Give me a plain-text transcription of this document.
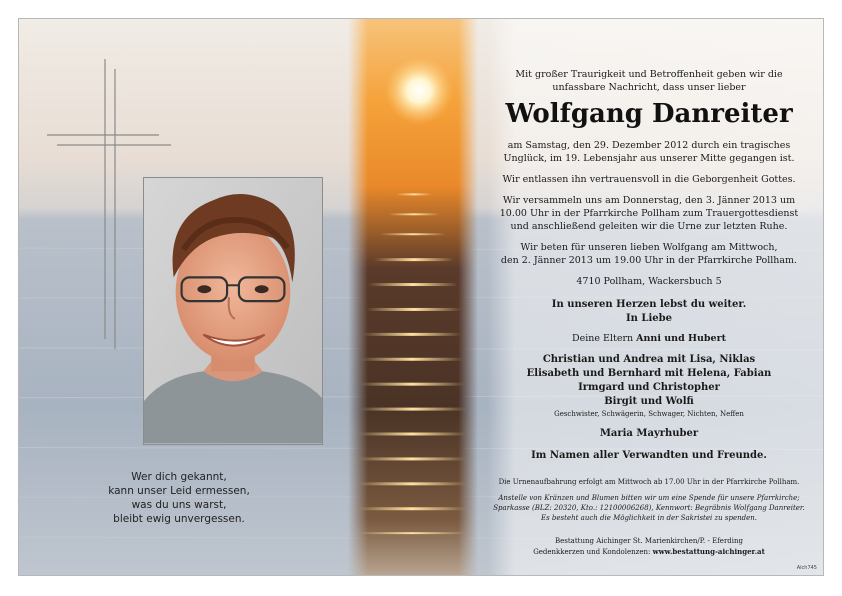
Wer dich gekannt,
kann unser Leid ermessen,
was du uns warst,
bleibt ewig unvergessen.
Mit großer Traurigkeit und Betroffenheit geben wir die
unfassbare Nachricht, dass unser lieber
Wolfgang Danreiter
am Samstag, den 29. Dezember 2012 durch ein tragisches
Unglück, im 19. Lebensjahr aus unserer Mitte gegangen ist.
Wir entlassen ihn vertrauensvoll in die Geborgenheit Gottes.
Wir versammeln uns am Donnerstag, den 3. Jänner 2013 um
10.00 Uhr in der Pfarrkirche Pollham zum Trauergottesdienst
und anschließend geleiten wir die Urne zur letzten Ruhe.
Wir beten für unseren lieben Wolfgang am Mittwoch,
den 2. Jänner 2013 um 19.00 Uhr in der Pfarrkirche Pollham.
4710 Pollham, Wackersbuch 5
In unseren Herzen lebst du weiter.
In Liebe
Deine Eltern Anni und Hubert
Christian und Andrea mit Lisa, Niklas
Elisabeth und Bernhard mit Helena, Fabian
Irmgard und Christopher
Birgit und Wolfi
Geschwister, Schwägerin, Schwager, Nichten, Neffen
Maria Mayrhuber
Im Namen aller Verwandten und Freunde.
Die Urnenaufbahrung erfolgt am Mittwoch ab 17.00 Uhr in der Pfarrkirche Pollham.
Anstelle von Kränzen und Blumen bitten wir um eine Spende für unsere Pfarrkirche;
Sparkasse (BLZ: 20320, Kto.: 12100006268), Kennwort: Begräbnis Wolfgang Danreiter.
Es besteht auch die Möglichkeit in der Sakristei zu spenden.
Bestattung Aichinger St. Marienkirchen/P. - Eferding
Gedenkkerzen und Kondolenzen: www.bestattung-aichinger.at
Aich745
